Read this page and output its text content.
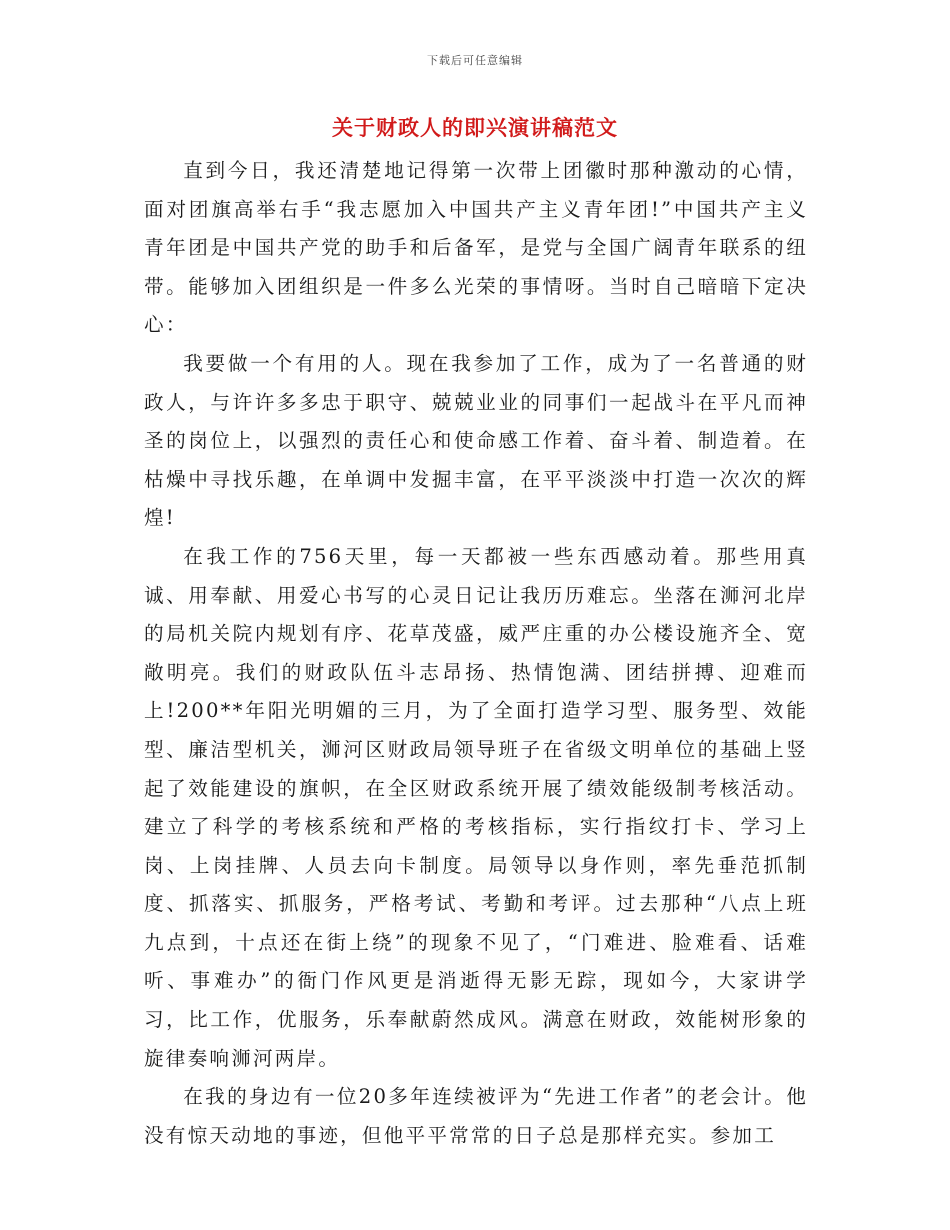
下载后可任意编辑
关于财政人的即兴演讲稿范文

直到今日，我还清楚地记得第一次带上团徽时那种激动的心情，面对团旗高举右手“我志愿加入中国共产主义青年团!”中国共产主义青年团是中国共产党的助手和后备军，是党与全国广阔青年联系的纽带。能够加入团组织是一件多么光荣的事情呀。当时自己暗暗下定决心：

我要做一个有用的人。现在我参加了工作，成为了一名普通的财政人，与许许多多忠于职守、兢兢业业的同事们一起战斗在平凡而神圣的岗位上，以强烈的责任心和使命感工作着、奋斗着、制造着。在枯燥中寻找乐趣，在单调中发掘丰富，在平平淡淡中打造一次次的辉煌!

在我工作的756天里，每一天都被一些东西感动着。那些用真诚、用奉献、用爱心书写的心灵日记让我历历难忘。坐落在浉河北岸的局机关院内规划有序、花草茂盛，威严庄重的办公楼设施齐全、宽敞明亮。我们的财政队伍斗志昂扬、热情饱满、团结拼搏、迎难而上!200**年阳光明媚的三月，为了全面打造学习型、服务型、效能型、廉洁型机关，浉河区财政局领导班子在省级文明单位的基础上竖起了效能建设的旗帜，在全区财政系统开展了绩效能级制考核活动。建立了科学的考核系统和严格的考核指标，实行指纹打卡、学习上岗、上岗挂牌、人员去向卡制度。局领导以身作则，率先垂范抓制度、抓落实、抓服务，严格考试、考勤和考评。过去那种“八点上班九点到，十点还在街上绕”的现象不见了，“门难进、脸难看、话难听、事难办”的衙门作风更是消逝得无影无踪，现如今，大家讲学习，比工作，优服务，乐奉献蔚然成风。满意在财政，效能树形象的旋律奏响浉河两岸。

在我的身边有一位20多年连续被评为“先进工作者”的老会计。他没有惊天动地的事迹，但他平平常常的日子总是那样充实。参加工
